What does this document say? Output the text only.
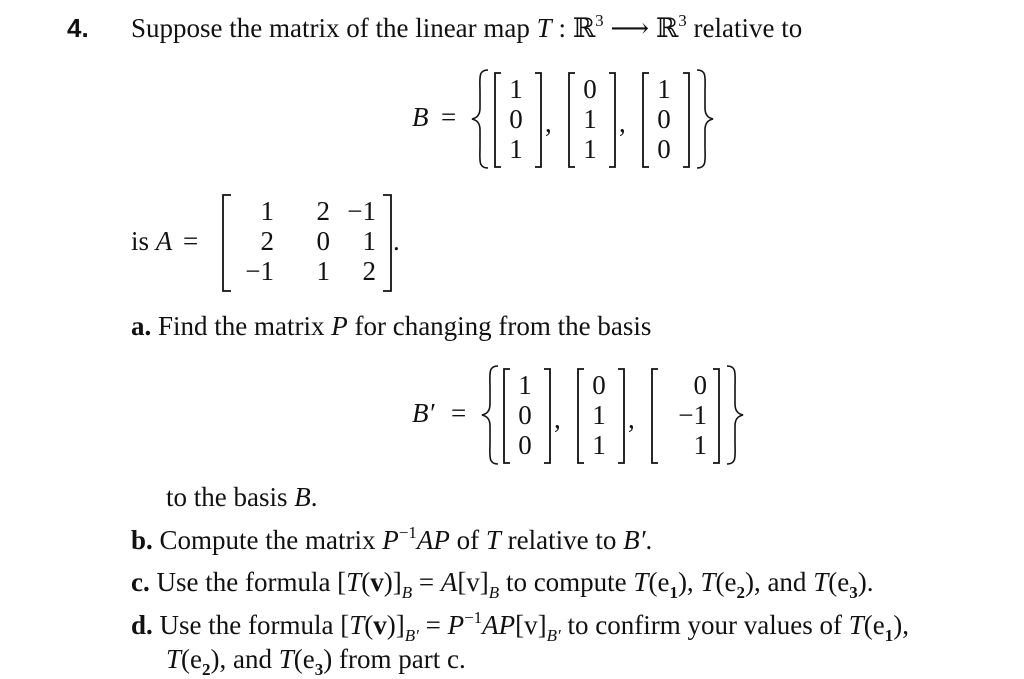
4. Suppose the matrix of the linear map T : ℝ$^3$ ⟶ ℝ$^3$ relative to
B =
1
0
1
,
0
1
1
,
1
0
0
is A =
1	2 −1
2	0	1
−1	1	2
.
a. Find the matrix P for changing from the basis
B′ =
1
0
0
,
0
1
1
,
0
−1
1
to the basis B.
b. Compute the matrix $P^{-1}AP$ of T relative to B′.
c. Use the formula $[T(v)]_B = A[v]_B$ to compute $T(e_1)$, $T(e_2)$, and $T(e_3)$.
d. Use the formula $[T(v)]_{B'} = P^{-1}AP[v]_{B'}$ to confirm your values of $T(e_1)$,
$T(e_2)$, and $T(e_3)$ from part c.
